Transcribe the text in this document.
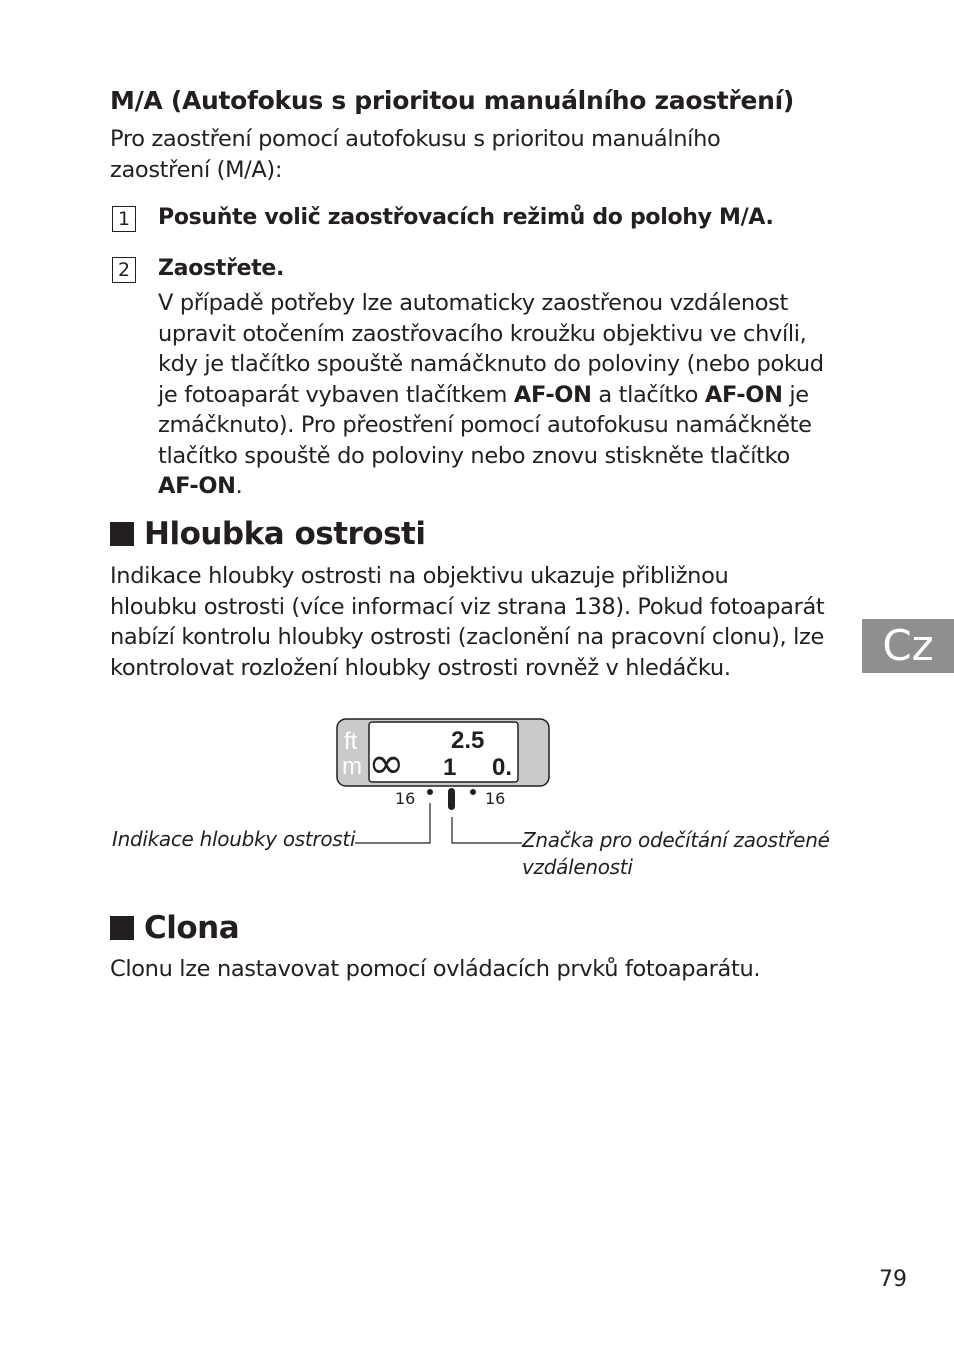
M/A (Autofokus s prioritou manuálního zaostření)
Pro zaostření pomocí autofokusu s prioritou manuálního
zaostření (M/A):
1 Posuňte volič zaostřovacích režimů do polohy M/A.
2 Zaostřete.
V případě potřeby lze automaticky zaostřenou vzdálenost
upravit otočením zaostřovacího kroužku objektivu ve chvíli,
kdy je tlačítko spouště namáčknuto do poloviny (nebo pokud
je fotoaparát vybaven tlačítkem AF-ON a tlačítko AF-ON je
zmáčknuto). Pro přeostření pomocí autofokusu namáčkněte
tlačítko spouště do poloviny nebo znovu stiskněte tlačítko
AF-ON.
Hloubka ostrosti
Indikace hloubky ostrosti na objektivu ukazuje přibližnou
hloubku ostrosti (více informací viz strana 138). Pokud fotoaparát
nabízí kontrolu hloubky ostrosti (zaclonění na pracovní clonu), lze
kontrolovat rozložení hloubky ostrosti rovněž v hledáčku.	Cz
ft
m ∞ 2.5
1 0.
16	16
Indikace hloubky ostrosti	Značka pro odečítání zaostřené
vzdálenosti
Clona
Clonu lze nastavovat pomocí ovládacích prvků fotoaparátu.
79
